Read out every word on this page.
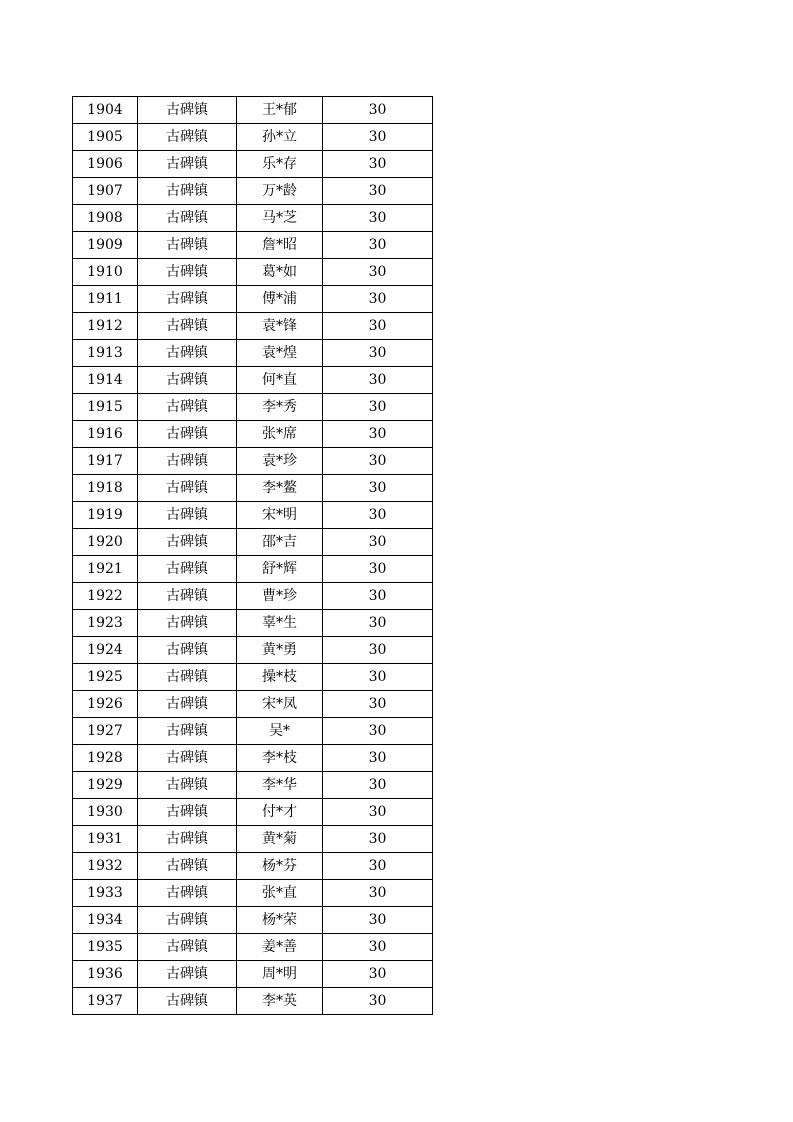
1904	古碑镇	王*郁	30
1905	古碑镇	孙*立	30
1906	古碑镇	乐*存	30
1907	古碑镇	万*龄	30
1908	古碑镇	马*芝	30
1909	古碑镇	詹*昭	30
1910	古碑镇	葛*如	30
1911	古碑镇	傅*浦	30
1912	古碑镇	袁*锋	30
1913	古碑镇	袁*煌	30
1914	古碑镇	何*直	30
1915	古碑镇	李*秀	30
1916	古碑镇	张*席	30
1917	古碑镇	袁*珍	30
1918	古碑镇	李*鳌	30
1919	古碑镇	宋*明	30
1920	古碑镇	邵*吉	30
1921	古碑镇	舒*辉	30
1922	古碑镇	曹*珍	30
1923	古碑镇	辜*生	30
1924	古碑镇	黄*勇	30
1925	古碑镇	操*枝	30
1926	古碑镇	宋*凤	30
1927	古碑镇	吴*	30
1928	古碑镇	李*枝	30
1929	古碑镇	李*华	30
1930	古碑镇	付*才	30
1931	古碑镇	黄*菊	30
1932	古碑镇	杨*芬	30
1933	古碑镇	张*直	30
1934	古碑镇	杨*荣	30
1935	古碑镇	姜*善	30
1936	古碑镇	周*明	30
1937	古碑镇	李*英	30
